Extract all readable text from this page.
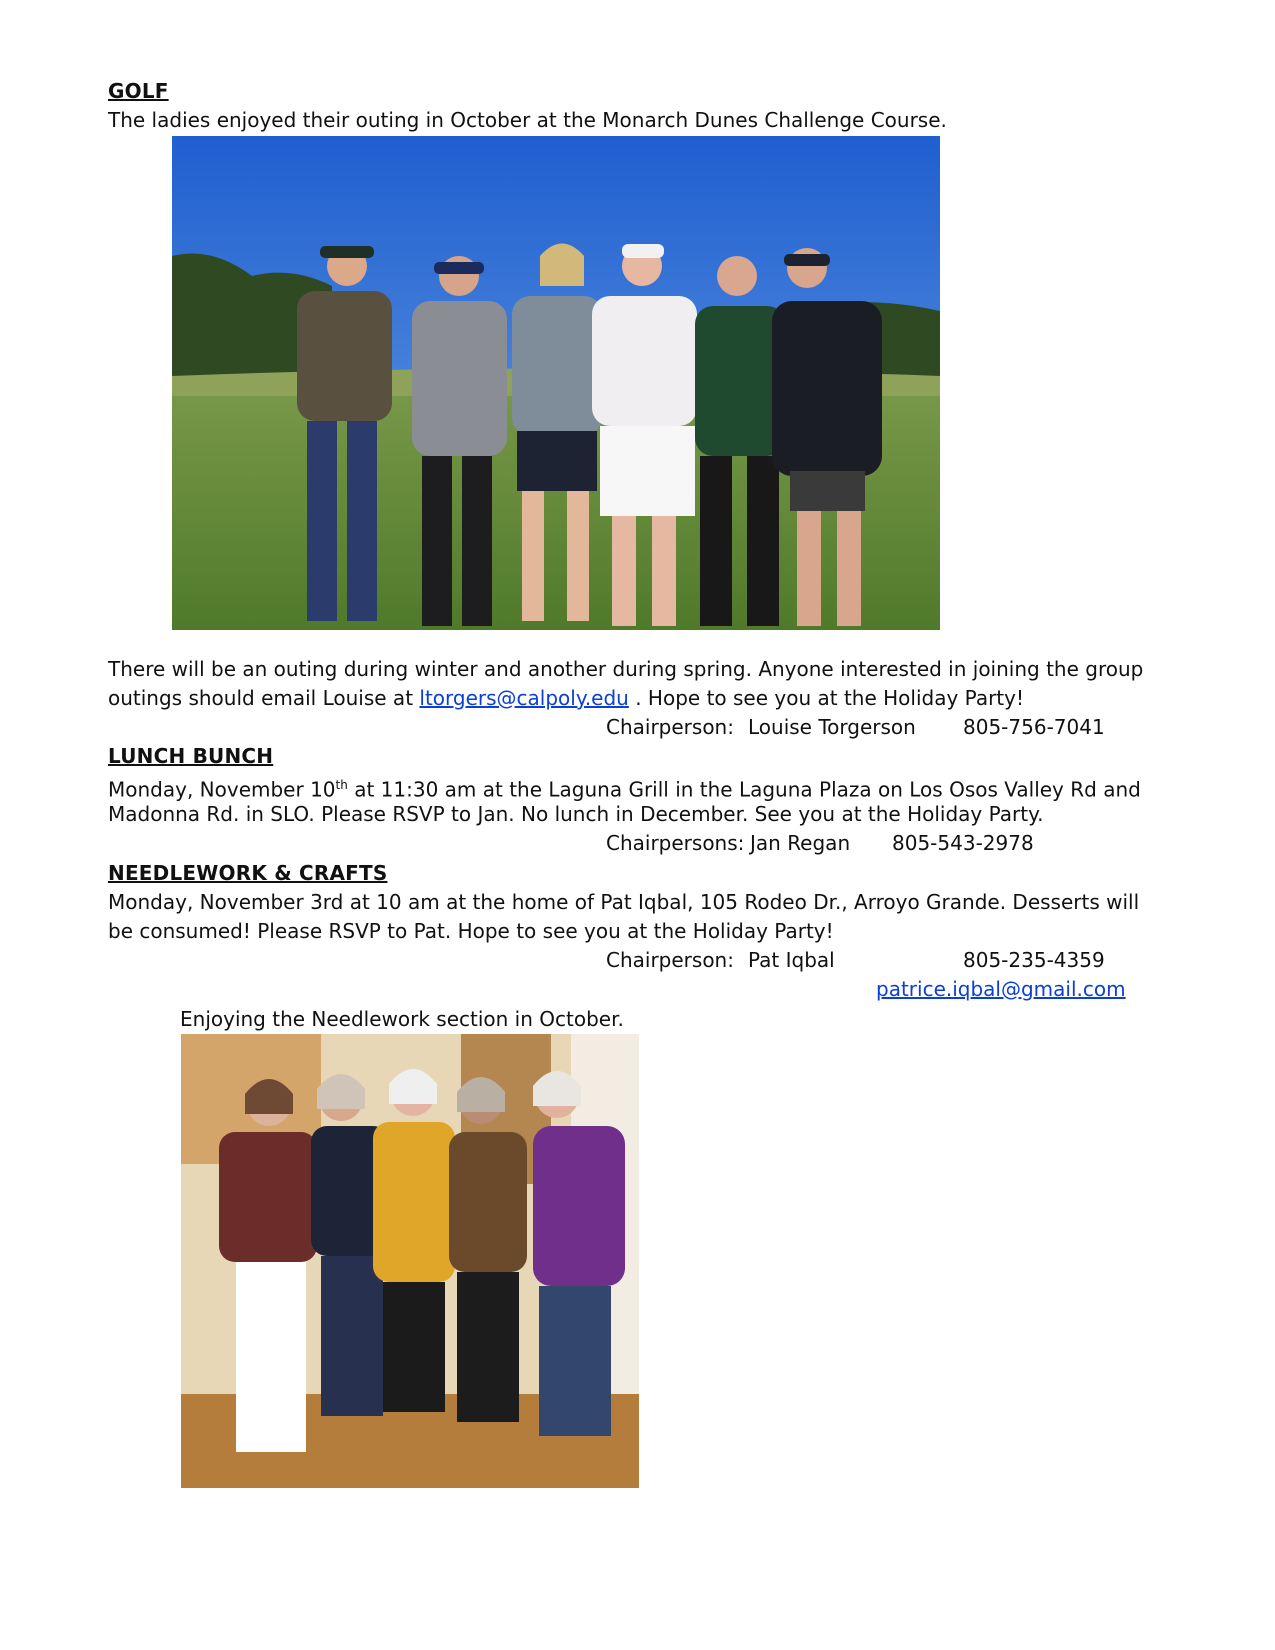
GOLF
The ladies enjoyed their outing in October at the Monarch Dunes Challenge Course.
There will be an outing during winter and another during spring. Anyone interested in joining the group
outings should email Louise at ltorgers@calpoly.edu . Hope to see you at the Holiday Party!
Chairperson: Louise Torgerson 805-756-7041
LUNCH BUNCH
Monday, November 10th at 11:30 am at the Laguna Grill in the Laguna Plaza on Los Osos Valley Rd and
Madonna Rd. in SLO. Please RSVP to Jan. No lunch in December. See you at the Holiday Party.
Chairpersons: Jan Regan 805-543-2978
NEEDLEWORK & CRAFTS
Monday, November 3rd at 10 am at the home of Pat Iqbal, 105 Rodeo Dr., Arroyo Grande. Desserts will
be consumed! Please RSVP to Pat. Hope to see you at the Holiday Party!
Chairperson: Pat Iqbal	805-235-4359
patrice.iqbal@gmail.com
Enjoying the Needlework section in October.
